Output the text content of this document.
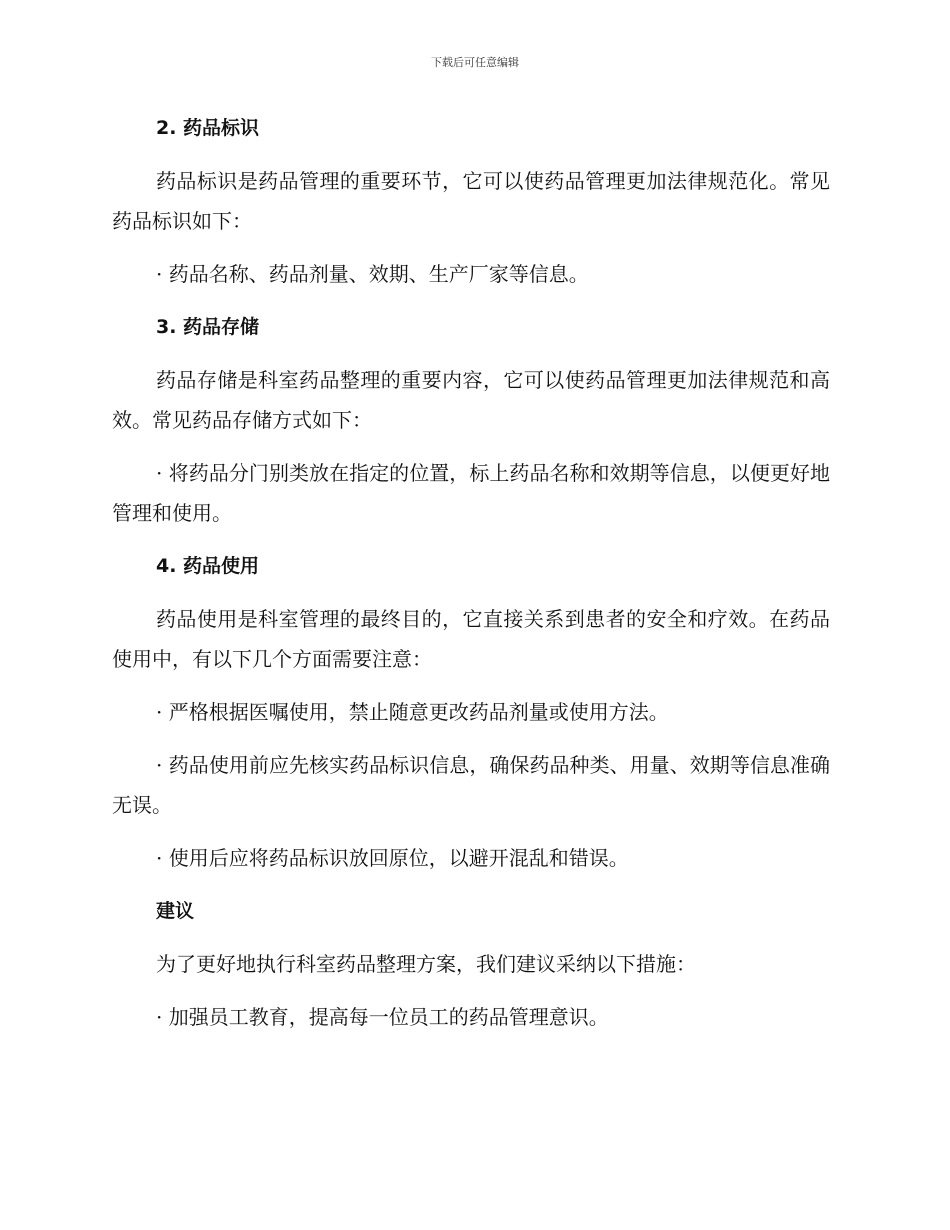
下载后可任意编辑
2. 药品标识

药品标识是药品管理的重要环节，它可以使药品管理更加法律规范化。常见药品标识如下：

· 药品名称、药品剂量、效期、生产厂家等信息。

3. 药品存储

药品存储是科室药品整理的重要内容，它可以使药品管理更加法律规范和高效。常见药品存储方式如下：

· 将药品分门别类放在指定的位置，标上药品名称和效期等信息，以便更好地管理和使用。

4. 药品使用

药品使用是科室管理的最终目的，它直接关系到患者的安全和疗效。在药品使用中，有以下几个方面需要注意：

· 严格根据医嘱使用，禁止随意更改药品剂量或使用方法。

· 药品使用前应先核实药品标识信息，确保药品种类、用量、效期等信息准确无误。

· 使用后应将药品标识放回原位，以避开混乱和错误。

建议

为了更好地执行科室药品整理方案，我们建议采纳以下措施：

· 加强员工教育，提高每一位员工的药品管理意识。
